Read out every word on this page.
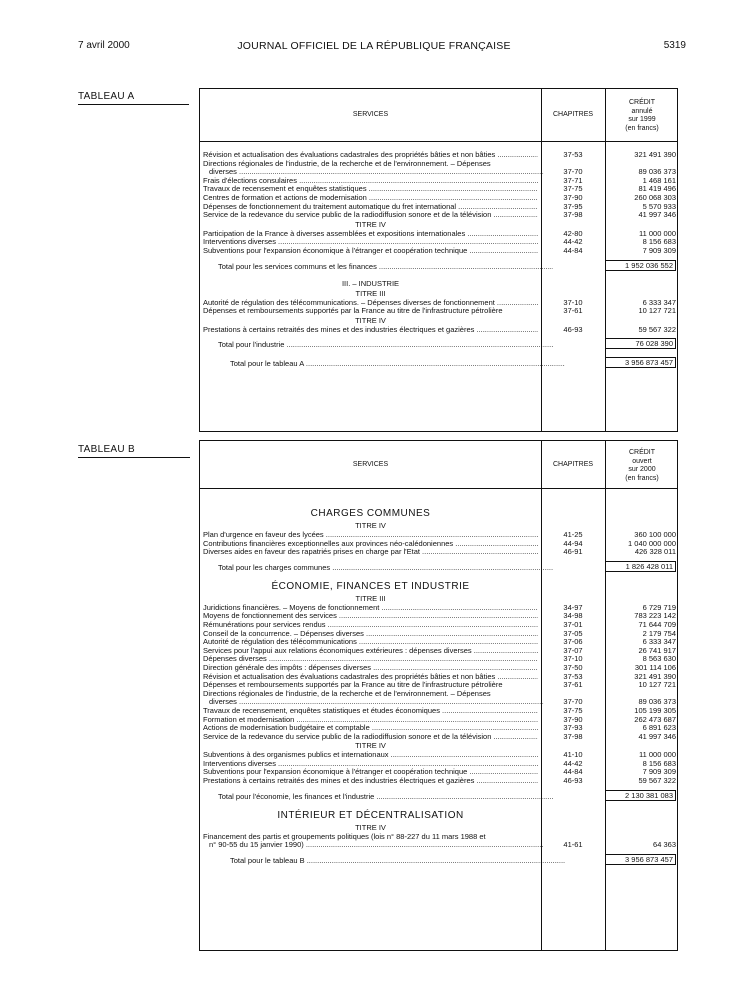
7 avril 2000	JOURNAL OFFICIEL DE LA RÉPUBLIQUE FRANÇAISE	5319
TABLEAU A
SERVICES	CHAPITRES
CRÉDIT
annulé
sur 1999
(en francs)
Révision et actualisation des évaluations cadastrales des propriétés bâties et non bâties .....	37-53	321 491 390
Directions régionales de l'industrie, de la recherche et de l'environnement. – Dépenses
diverses .....	37-70	89 036 373
Frais d'élections consulaires .....	37-71	1 468 161
Travaux de recensement et enquêtes statistiques .....	37-75	81 419 496
Centres de formation et actions de modernisation .....	37-90	260 068 303
Dépenses de fonctionnement du traitement automatique du fret international .....	37-95	5 570 933
Service de la redevance du service public de la radiodiffusion sonore et de la télévision .....	37-98	41 997 346
TITRE IV
Participation de la France à diverses assemblées et expositions internationales .....	42-80	11 000 000
Interventions diverses .....	44-42	8 156 683
Subventions pour l'expansion économique à l'étranger et coopération technique .....	44-84	7 909 309
Total pour les services communs et les finances .....	1 952 036 552
III. – INDUSTRIE
TITRE III
Autorité de régulation des télécommunications. – Dépenses diverses de fonctionnement .....	37-10	6 333 347
Dépenses et remboursements supportés par la France au titre de l'infrastructure pétrolière	37-61	10 127 721
TITRE IV
Prestations à certains retraités des mines et des industries électriques et gazières .....	46-93	59 567 322
Total pour l'industrie .....	76 028 390
Total pour le tableau A .....	3 956 873 457
TABLEAU B
SERVICES	CHAPITRES
CRÉDIT
ouvert
sur 2000
(en francs)
CHARGES COMMUNES
TITRE IV
Plan d'urgence en faveur des lycées .....	41-25	360 100 000
Contributions financières exceptionnelles aux provinces néo-calédoniennes .....	44-94	1 040 000 000
Diverses aides en faveur des rapatriés prises en charge par l'Etat .....	46-91	426 328 011
Total pour les charges communes .....	1 826 428 011
ÉCONOMIE, FINANCES ET INDUSTRIE
TITRE III
Juridictions financières. – Moyens de fonctionnement .....	34-97	6 729 719
Moyens de fonctionnement des services .....	34-98	783 223 142
Rémunérations pour services rendus .....	37-01	71 644 709
Conseil de la concurrence. – Dépenses diverses .....	37-05	2 179 754
Autorité de régulation des télécommunications .....	37-06	6 333 347
Services pour l'appui aux relations économiques extérieures : dépenses diverses .....	37-07	26 741 917
Dépenses diverses .....	37-10	8 563 630
Direction générale des impôts : dépenses diverses .....	37-50	301 114 106
Révision et actualisation des évaluations cadastrales des propriétés bâties et non bâties .....	37-53	321 491 390
Dépenses et remboursements supportés par la France au titre de l'infrastructure pétrolière	37-61	10 127 721
Directions régionales de l'industrie, de la recherche et de l'environnement. – Dépenses
diverses .....	37-70	89 036 373
Travaux de recensement, enquêtes statistiques et études économiques .....	37-75	105 199 305
Formation et modernisation .....	37-90	262 473 687
Actions de modernisation budgétaire et comptable .....	37-93	6 891 623
Service de la redevance du service public de la radiodiffusion sonore et de la télévision .....	37-98	41 997 346
TITRE IV
Subventions à des organismes publics et internationaux .....	41-10	11 000 000
Interventions diverses .....	44-42	8 156 683
Subventions pour l'expansion économique à l'étranger et coopération technique .....	44-84	7 909 309
Prestations à certains retraités des mines et des industries électriques et gazières .....	46-93	59 567 322
Total pour l'économie, les finances et l'industrie .....	2 130 381 083
INTÉRIEUR ET DÉCENTRALISATION
TITRE IV
Financement des partis et groupements politiques (lois n° 88-227 du 11 mars 1988 et
n° 90-55 du 15 janvier 1990) .....	41-61	64 363
Total pour le tableau B .....	3 956 873 457
